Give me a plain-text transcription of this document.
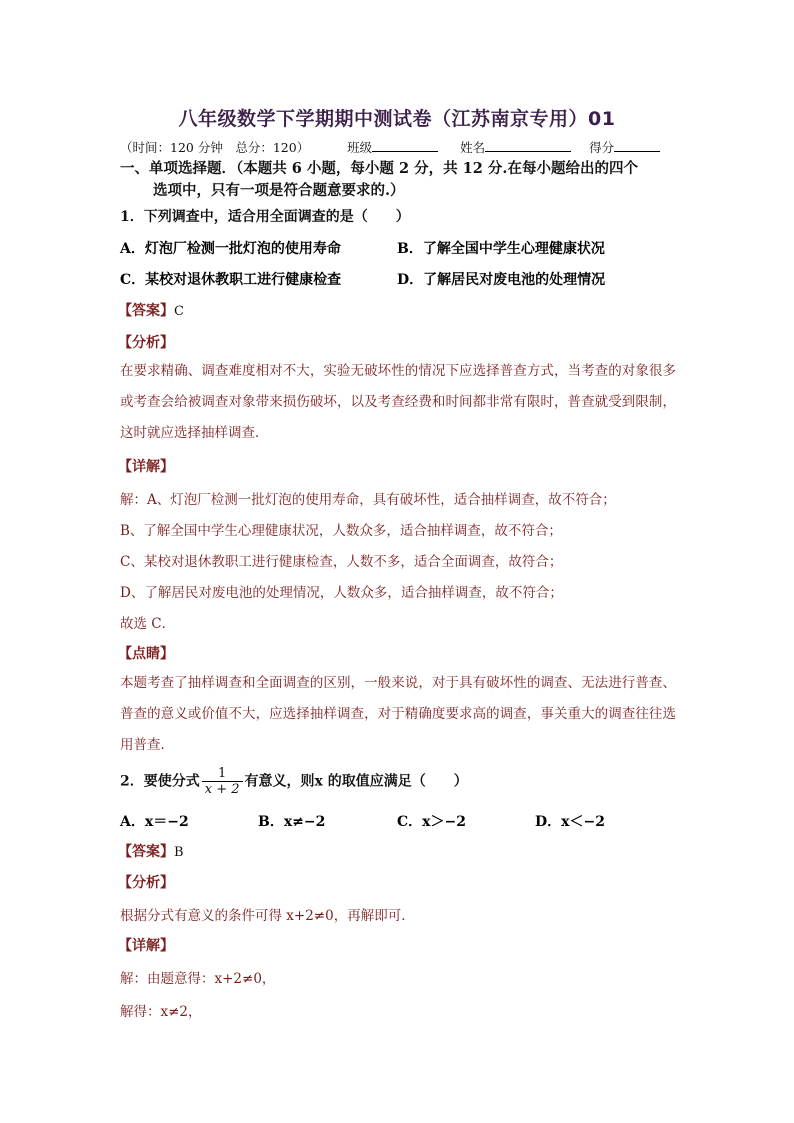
八年级数学下学期期中测试卷（江苏南京专用）01
（时间：120 分钟　总分：120）	班级	姓名	得分
一、单项选择题．（本题共 6 小题，每小题 2 分，共 12 分.在每小题给出的四个
选项中，只有一项是符合题意要求的.）
1．下列调查中，适合用全面调查的是（　　）
A．灯泡厂检测一批灯泡的使用寿命	B．了解全国中学生心理健康状况
C．某校对退休教职工进行健康检查	D．了解居民对废电池的处理情况
【答案】C
【分析】
在要求精确、调查难度相对不大，实验无破坏性的情况下应选择普查方式，当考查的对象很多或考查会给被调查对象带来损伤破坏，以及考查经费和时间都非常有限时，普查就受到限制，这时就应选择抽样调查．
【详解】
解：A、灯泡厂检测一批灯泡的使用寿命，具有破坏性，适合抽样调查，故不符合；
B、了解全国中学生心理健康状况，人数众多，适合抽样调查，故不符合；
C、某校对退休教职工进行健康检查，人数不多，适合全面调查，故符合；
D、了解居民对废电池的处理情况，人数众多，适合抽样调查，故不符合；
故选 C．
【点睛】
本题考查了抽样调查和全面调查的区别，一般来说，对于具有破坏性的调查、无法进行普查、普查的意义或价值不大，应选择抽样调查，对于精确度要求高的调查，事关重大的调查往往选用普查．
2．要使分式 $\frac{1}{x + 2}$ 有意义，则x 的取值应满足（　　）
A．x＝−2	B．x≠−2	C．x＞−2	D．x＜−2
【答案】B
【分析】
根据分式有意义的条件可得 x+2≠0，再解即可．
【详解】
解：由题意得：x+2≠0，
解得：x≠2，
